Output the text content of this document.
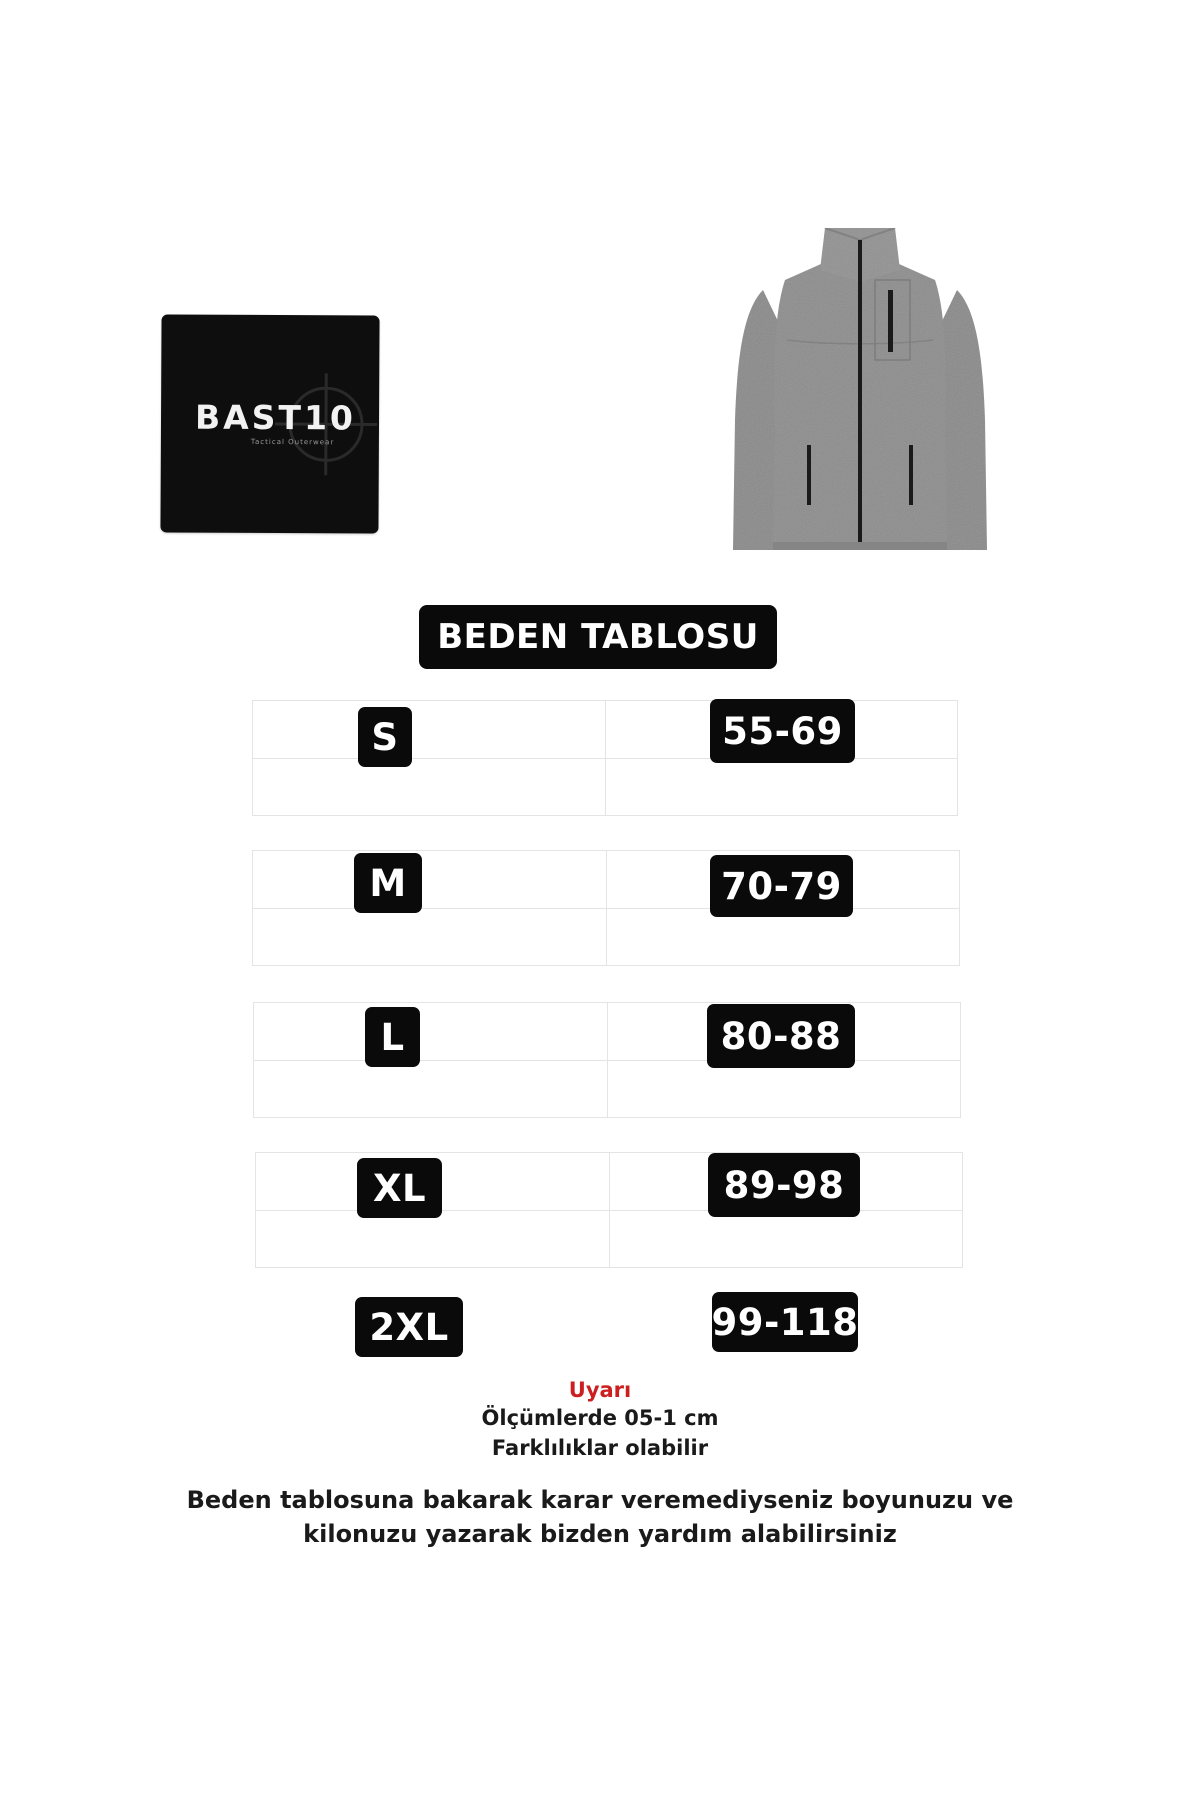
BAST10
Tactical Outerwear
BEDEN TABLOSU
S	55-69
M	70-79
L	80-88
XL	89-98
2XL	99-118
Uyarı
Ölçümlerde 05-1 cm
Farklılıklar olabilir
Beden tablosuna bakarak karar veremediyseniz boyunuzu ve
kilonuzu yazarak bizden yardım alabilirsiniz
